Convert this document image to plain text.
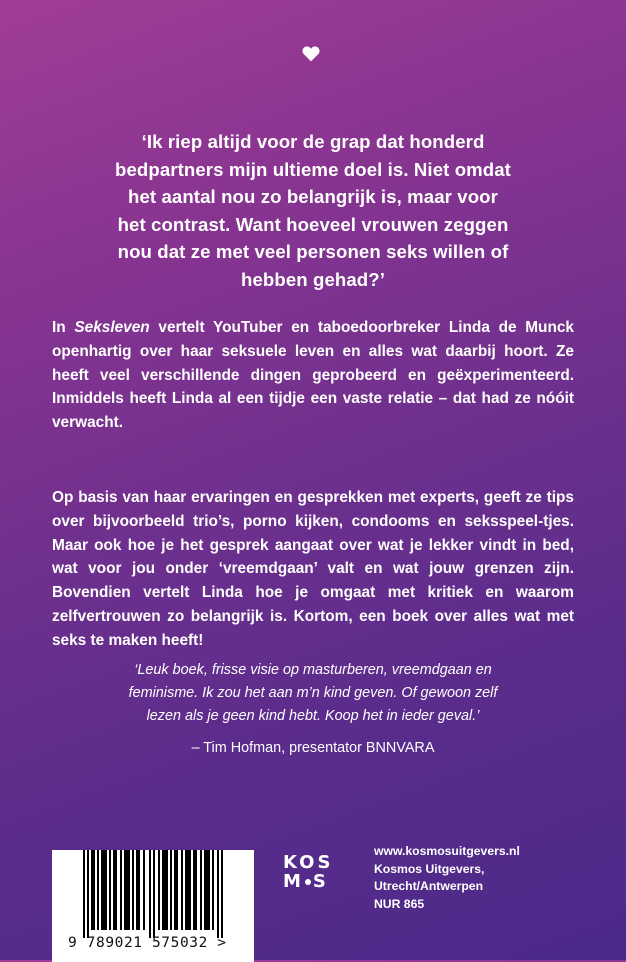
‘Ik riep altijd voor de grap dat honderd
bedpartners mijn ultieme doel is. Niet omdat
het aantal nou zo belangrijk is, maar voor
het contrast. Want hoeveel vrouwen zeggen
nou dat ze met veel personen seks willen of
hebben gehad?’

In Seksleven vertelt YouTuber en taboedoorbreker Linda de Munck openhartig over haar seksuele leven en alles wat daarbij hoort. Ze heeft veel verschillende dingen geprobeerd en geëxperimenteerd. Inmiddels heeft Linda al een tijdje een vaste relatie – dat had ze nóóit verwacht.

Op basis van haar ervaringen en gesprekken met experts, geeft ze tips over bijvoorbeeld trio’s, porno kijken, condooms en seksspeel-tjes. Maar ook hoe je het gesprek aangaat over wat je lekker vindt in bed, wat voor jou onder ‘vreemdgaan’ valt en wat jouw grenzen zijn. Bovendien vertelt Linda hoe je omgaat met kritiek en waarom zelfvertrouwen zo belangrijk is. Kortom, een boek over alles wat met seks te maken heeft!

‘Leuk boek, frisse visie op masturberen, vreemdgaan en
feminisme. Ik zou het aan m’n kind geven. Of gewoon zelf
lezen als je geen kind hebt. Koop het in ieder geval.’
– Tim Hofman, presentator BNNVARA
9 789021 575032 >
KOS
M S
www.kosmosuitgevers.nl
Kosmos Uitgevers,
Utrecht/Antwerpen
NUR 865
